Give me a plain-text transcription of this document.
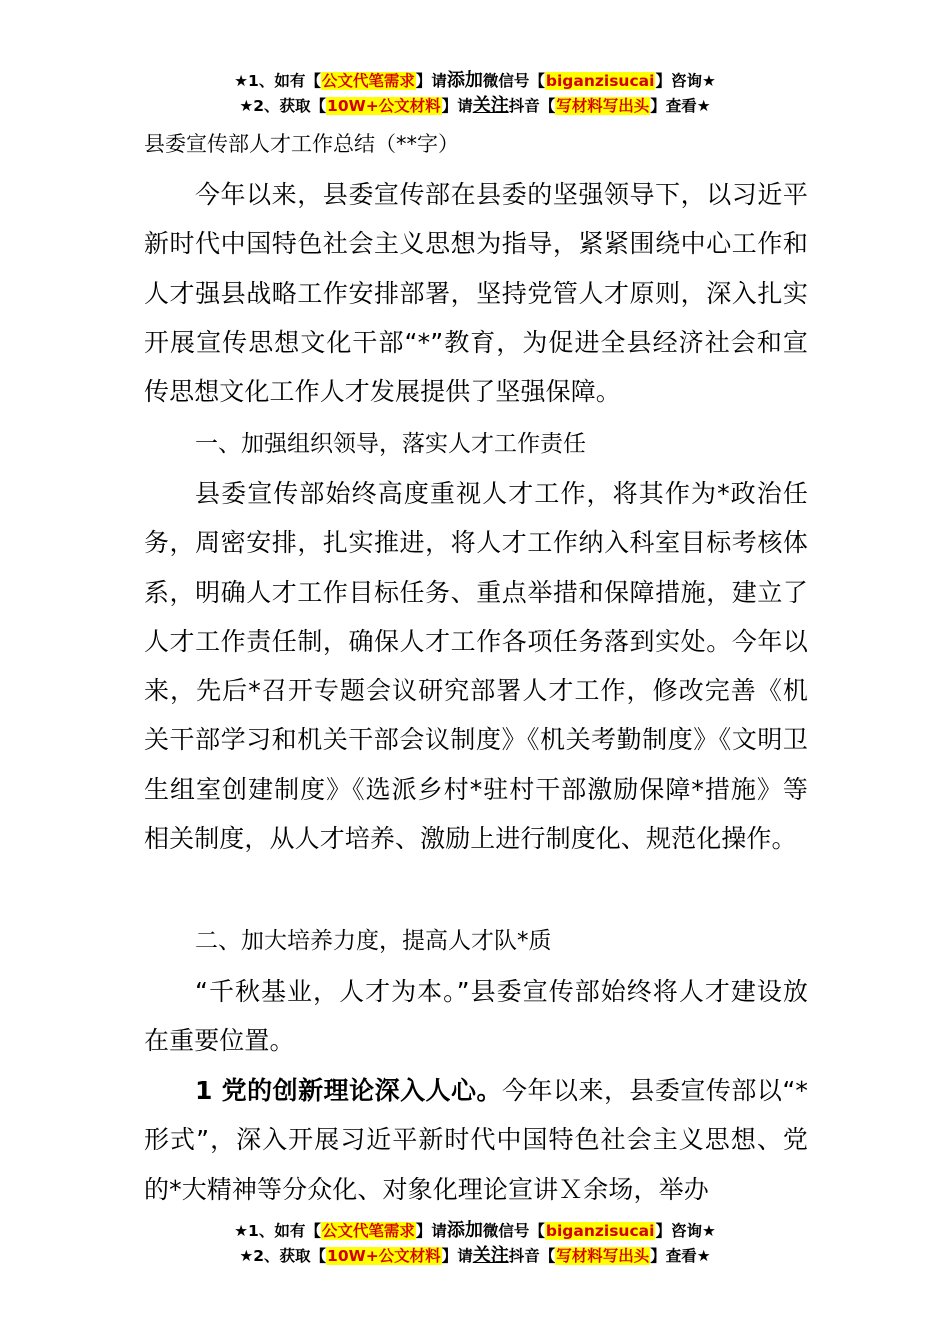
★1、如有【公文代笔需求】请添加微信号【biganzisucai】咨询★
★2、获取【10W+公文材料】请关注抖音【写材料写出头】查看★
县委宣传部人才工作总结（**字）
今年以来，县委宣传部在县委的坚强领导下，以习近平新时代中国特色社会主义思想为指导，紧紧围绕中心工作和人才强县战略工作安排部署，坚持党管人才原则，深入扎实开展宣传思想文化干部“*”教育，为促进全县经济社会和宣传思想文化工作人才发展提供了坚强保障。
一、加强组织领导，落实人才工作责任
县委宣传部始终高度重视人才工作，将其作为*政治任务，周密安排，扎实推进，将人才工作纳入科室目标考核体系，明确人才工作目标任务、重点举措和保障措施，建立了人才工作责任制，确保人才工作各项任务落到实处。今年以来，先后*召开专题会议研究部署人才工作，修改完善《机关干部学习和机关干部会议制度》《机关考勤制度》《文明卫生组室创建制度》《选派乡村*驻村干部激励保障*措施》等相关制度，从人才培养、激励上进行制度化、规范化操作。
二、加大培养力度，提高人才队*质
“千秋基业，人才为本。”县委宣传部始终将人才建设放在重要位置。
1 党的创新理论深入人心。今年以来，县委宣传部以“*形式”，深入开展习近平新时代中国特色社会主义思想、党的*大精神等分众化、对象化理论宣讲Ｘ余场，举办
★1、如有【公文代笔需求】请添加微信号【biganzisucai】咨询★
★2、获取【10W+公文材料】请关注抖音【写材料写出头】查看★
